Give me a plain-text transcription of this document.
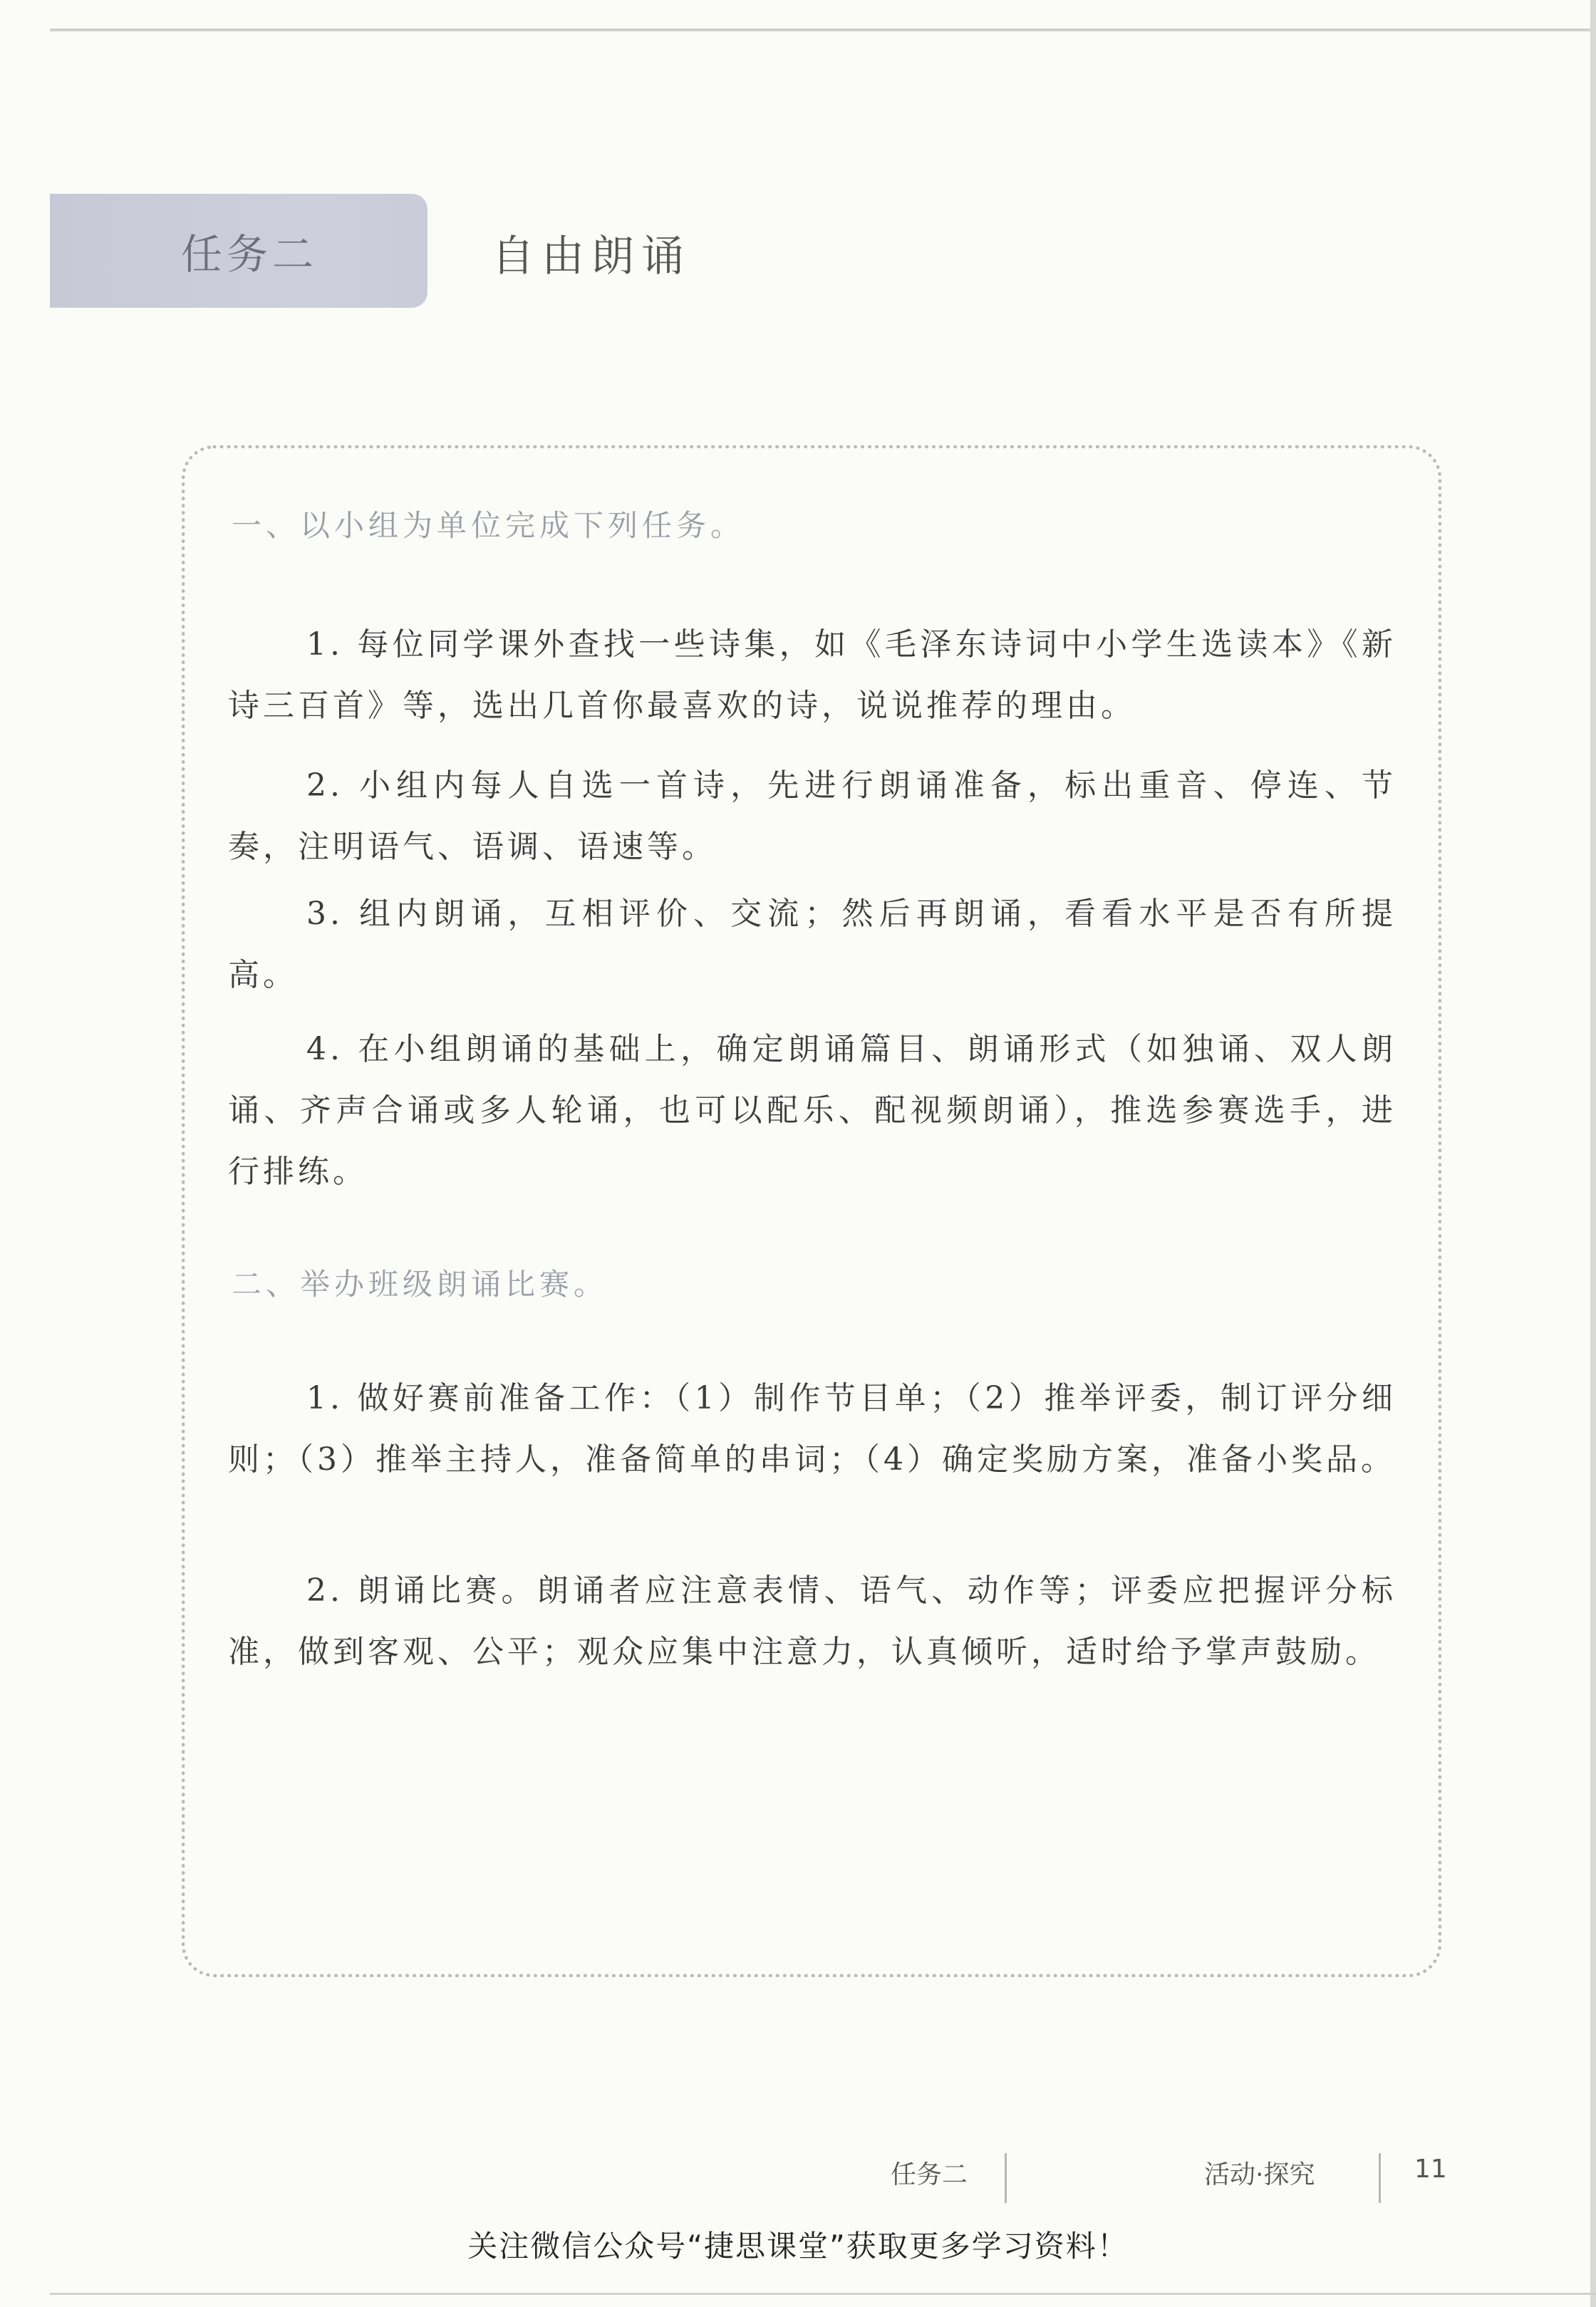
任务二	自由朗诵
一、以小组为单位完成下列任务。
1. 每位同学课外查找一些诗集，如《毛泽东诗词中小学生选读本》《新诗三百首》等，选出几首你最喜欢的诗，说说推荐的理由。
2. 小组内每人自选一首诗，先进行朗诵准备，标出重音、停连、节奏，注明语气、语调、语速等。
3. 组内朗诵，互相评价、交流；然后再朗诵，看看水平是否有所提高。
4. 在小组朗诵的基础上，确定朗诵篇目、朗诵形式（如独诵、双人朗诵、齐声合诵或多人轮诵，也可以配乐、配视频朗诵），推选参赛选手，进行排练。
二、举办班级朗诵比赛。
1. 做好赛前准备工作：（1）制作节目单；（2）推举评委，制订评分细则；（3）推举主持人，准备简单的串词；（4）确定奖励方案，准备小奖品。
2. 朗诵比赛。朗诵者应注意表情、语气、动作等；评委应把握评分标准，做到客观、公平；观众应集中注意力，认真倾听，适时给予掌声鼓励。
任务二	活动·探究	11
关注微信公众号“捷思课堂”获取更多学习资料！
